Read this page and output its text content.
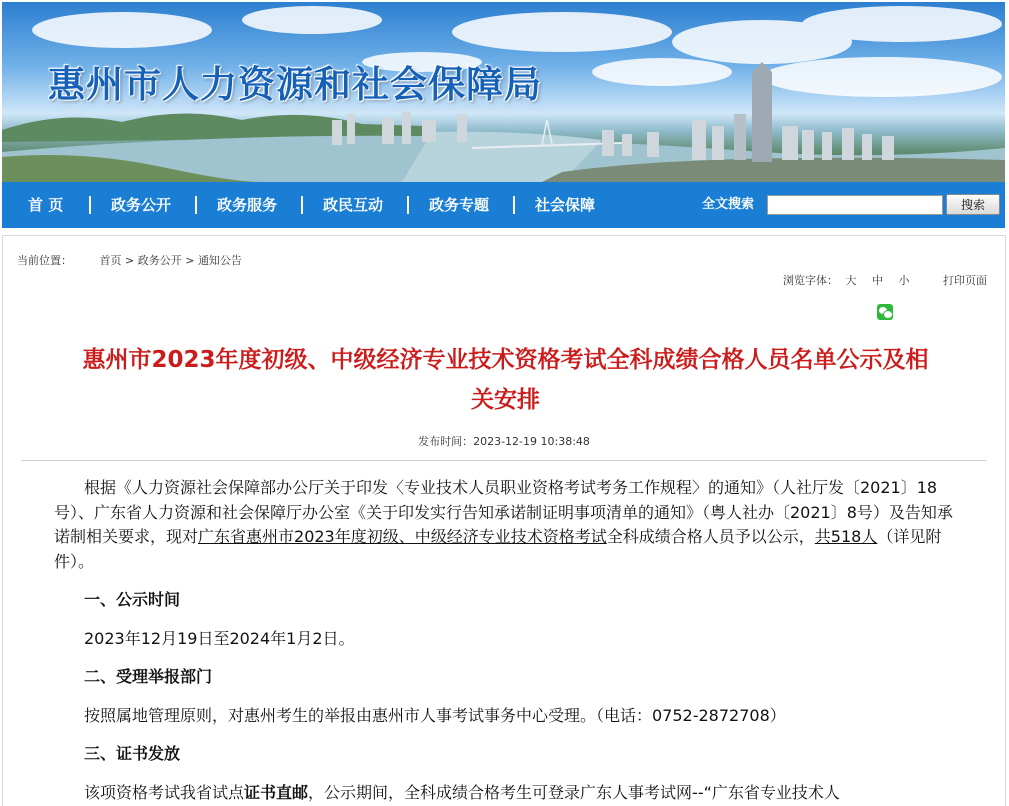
惠州市人力资源和社会保障局
首 页	政务公开	政务服务	政民互动	政务专题	社会保障	全文搜索	搜索
当前位置：	首页 > 政务公开 > 通知公告
浏览字体： 大 中 小	打印页面
惠州市2023年度初级、中级经济专业技术资格考试全科成绩合格人员名单公示及相
关安排
发布时间：2023-12-19 10:38:48

根据《人力资源社会保障部办公厅关于印发〈专业技术人员职业资格考试考务工作规程〉的通知》（人社厅发〔2021〕18号）、广东省人力资源和社会保障厅办公室《关于印发实行告知承诺制证明事项清单的通知》（粤人社办〔2021〕8号）及告知承诺制相关要求，现对广东省惠州市2023年度初级、中级经济专业技术资格考试全科成绩合格人员予以公示，共518人（详见附件）。

一、公示时间

2023年12月19日至2024年1月2日。

二、受理举报部门

按照属地管理原则，对惠州考生的举报由惠州市人事考试事务中心受理。（电话：0752-2872708）

三、证书发放

该项资格考试我省试点证书直邮，公示期间，全科成绩合格考生可登录广东人事考试网--“广东省专业技术人
